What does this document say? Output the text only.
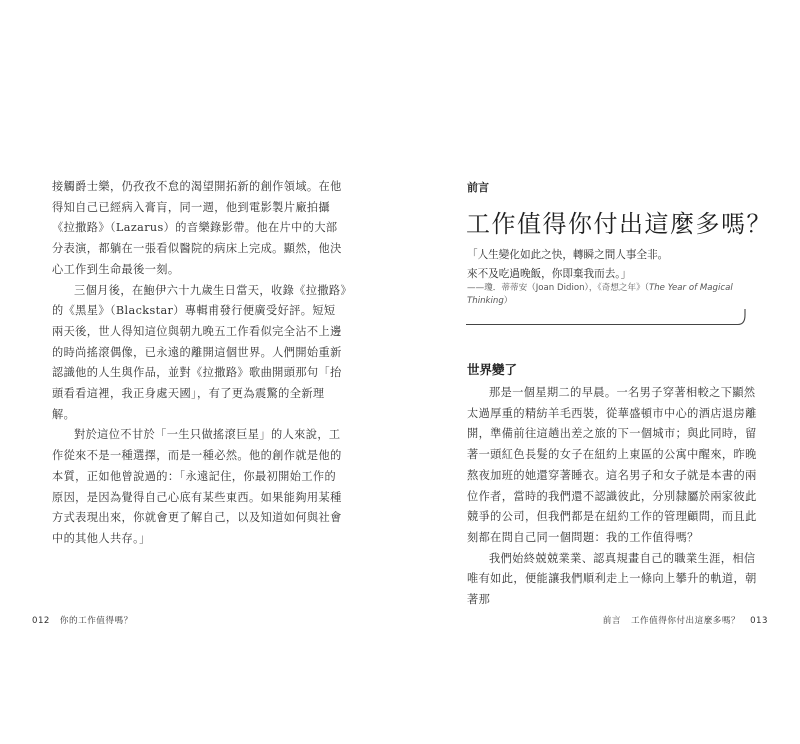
接觸爵士樂，仍孜孜不怠的渴望開拓新的創作領域。在他得知自己已經病入膏肓，同一週，他到電影製片廠拍攝《拉撒路》（Lazarus）的音樂錄影帶。他在片中的大部分表演，都躺在一張看似醫院的病床上完成。顯然，他決心工作到生命最後一刻。

三個月後，在鮑伊六十九歲生日當天，收錄《拉撒路》的《黑星》（Blackstar）專輯甫發行便廣受好評。短短兩天後，世人得知這位與朝九晚五工作看似完全沾不上邊的時尚搖滾偶像，已永遠的離開這個世界。人們開始重新認識他的人生與作品，並對《拉撒路》歌曲開頭那句「抬頭看看這裡，我正身處天國」，有了更為震驚的全新理解。

對於這位不甘於「一生只做搖滾巨星」的人來說，工作從來不是一種選擇，而是一種必然。他的創作就是他的本質，正如他曾說過的：「永遠記住，你最初開始工作的原因，是因為覺得自己心底有某些東西。如果能夠用某種方式表現出來，你就會更了解自己，以及知道如何與社會中的其他人共存。」

012 你的工作值得嗎？
前言
工作值得你付出這麼多嗎？
「人生變化如此之快，轉瞬之間人事全非。
來不及吃過晚飯，你即棄我而去。」
——瓊．蒂蒂安（Joan Didion），《奇想之年》（The Year of Magical Thinking）
世界變了

那是一個星期二的早晨。一名男子穿著相較之下顯然太過厚重的精紡羊毛西裝，從華盛頓市中心的酒店退房離開，準備前往這趟出差之旅的下一個城市；與此同時，留著一頭紅色長髮的女子在紐約上東區的公寓中醒來，昨晚熬夜加班的她還穿著睡衣。這名男子和女子就是本書的兩位作者，當時的我們還不認識彼此，分別隸屬於兩家彼此競爭的公司，但我們都是在紐約工作的管理顧問，而且此刻都在問自己同一個問題：我的工作值得嗎？

我們始終兢兢業業、認真規畫自己的職業生涯，相信唯有如此，便能讓我們順利走上一條向上攀升的軌道，朝著那

前言 工作值得你付出這麼多嗎？ 013
